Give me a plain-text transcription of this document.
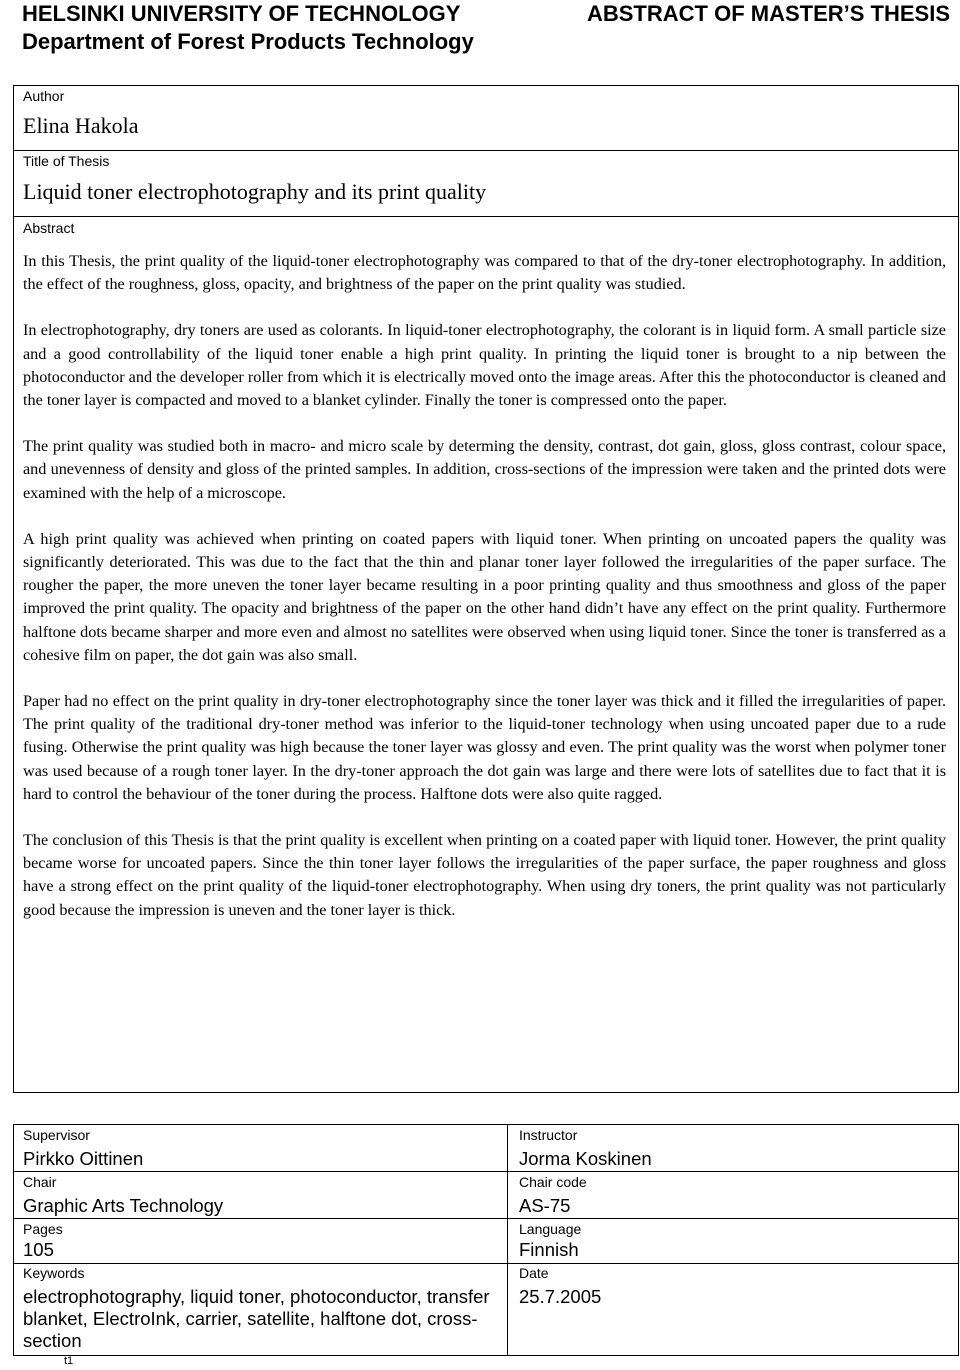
HELSINKI UNIVERSITY OF TECHNOLOGY
Department of Forest Products Technology
ABSTRACT OF MASTER’S THESIS
Author
Elina Hakola
Title of Thesis
Liquid toner electrophotography and its print quality
Abstract

In this Thesis, the print quality of the liquid-toner electrophotography was compared to that of the dry-toner electrophotography. In addition, the effect of the roughness, gloss, opacity, and brightness of the paper on the print quality was studied.

In electrophotography, dry toners are used as colorants. In liquid-toner electrophotography, the colorant is in liquid form. A small particle size and a good controllability of the liquid toner enable a high print quality. In printing the liquid toner is brought to a nip between the photoconductor and the developer roller from which it is electrically moved onto the image areas. After this the photoconductor is cleaned and the toner layer is compacted and moved to a blanket cylinder. Finally the toner is compressed onto the paper.

The print quality was studied both in macro- and micro scale by determing the density, contrast, dot gain, gloss, gloss contrast, colour space, and unevenness of density and gloss of the printed samples. In addition, cross-sections of the impression were taken and the printed dots were examined with the help of a microscope.

A high print quality was achieved when printing on coated papers with liquid toner. When printing on uncoated papers the quality was significantly deteriorated. This was due to the fact that the thin and planar toner layer followed the irregularities of the paper surface. The rougher the paper, the more uneven the toner layer became resulting in a poor printing quality and thus smoothness and gloss of the paper improved the print quality. The opacity and brightness of the paper on the other hand didn’t have any effect on the print quality. Furthermore halftone dots became sharper and more even and almost no satellites were observed when using liquid toner. Since the toner is transferred as a cohesive film on paper, the dot gain was also small.

Paper had no effect on the print quality in dry-toner electrophotography since the toner layer was thick and it filled the irregularities of paper. The print quality of the traditional dry-toner method was inferior to the liquid-toner technology when using uncoated paper due to a rude fusing. Otherwise the print quality was high because the toner layer was glossy and even. The print quality was the worst when polymer toner was used because of a rough toner layer. In the dry-toner approach the dot gain was large and there were lots of satellites due to fact that it is hard to control the behaviour of the toner during the process. Halftone dots were also quite ragged.

The conclusion of this Thesis is that the print quality is excellent when printing on a coated paper with liquid toner. However, the print quality became worse for uncoated papers. Since the thin toner layer follows the irregularities of the paper surface, the paper roughness and gloss have a strong effect on the print quality of the liquid-toner electrophotography. When using dry toners, the print quality was not particularly good because the impression is uneven and the toner layer is thick.

Supervisor
Pirkko Oittinen
Instructor
Jorma Koskinen
Chair
Graphic Arts Technology
Chair code
AS-75
Pages
105
Language
Finnish
Keywords
electrophotography, liquid toner, photoconductor, transfer blanket, ElectroInk, carrier, satellite, halftone dot, cross-section
Date
25.7.2005
t1
